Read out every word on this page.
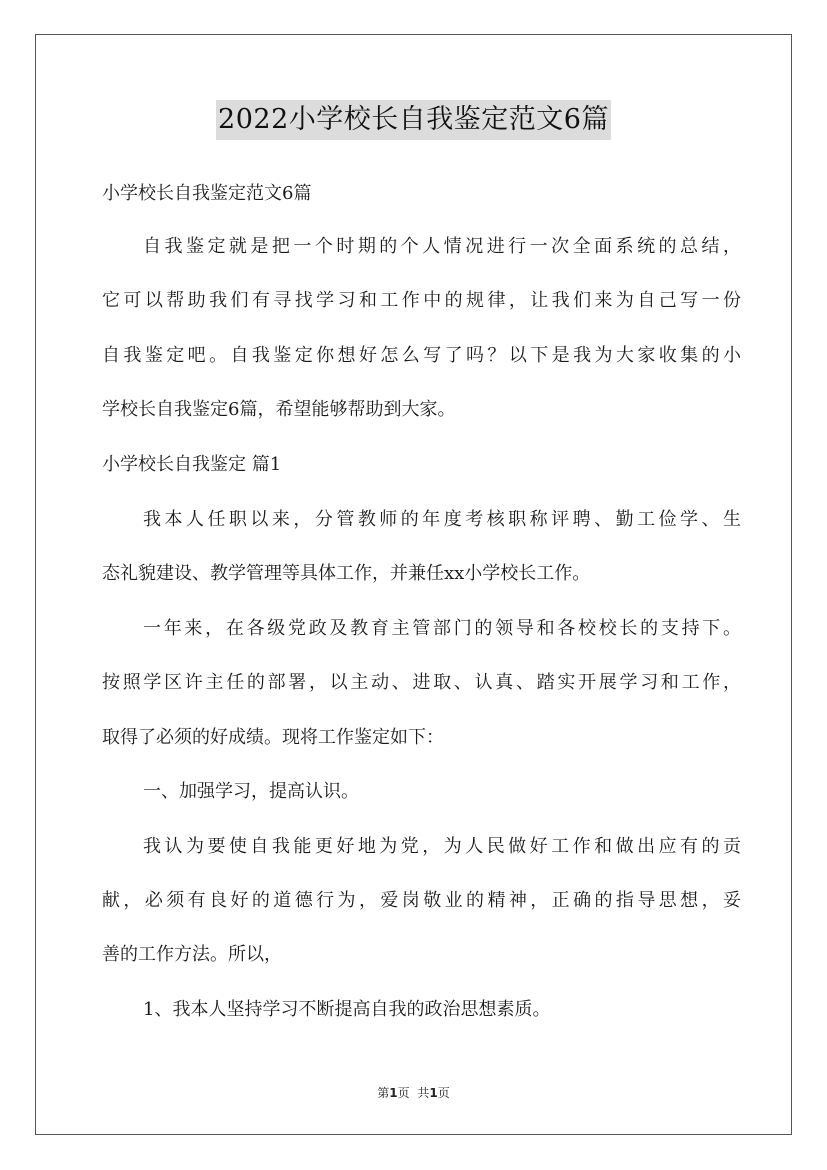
2022小学校长自我鉴定范文6篇
小学校长自我鉴定范文6篇
自我鉴定就是把一个时期的个人情况进行一次全面系统的总结，
它可以帮助我们有寻找学习和工作中的规律，让我们来为自己写一份
自我鉴定吧。自我鉴定你想好怎么写了吗？以下是我为大家收集的小
学校长自我鉴定6篇，希望能够帮助到大家。
小学校长自我鉴定 篇1
我本人任职以来，分管教师的年度考核职称评聘、勤工俭学、生
态礼貌建设、教学管理等具体工作，并兼任xx小学校长工作。
一年来，在各级党政及教育主管部门的领导和各校校长的支持下。
按照学区许主任的部署，以主动、进取、认真、踏实开展学习和工作，
取得了必须的好成绩。现将工作鉴定如下：
一、加强学习，提高认识。
我认为要使自我能更好地为党，为人民做好工作和做出应有的贡
献，必须有良好的道德行为，爱岗敬业的精神，正确的指导思想，妥
善的工作方法。所以，
1、我本人坚持学习不断提高自我的政治思想素质。
第1页 共1页
